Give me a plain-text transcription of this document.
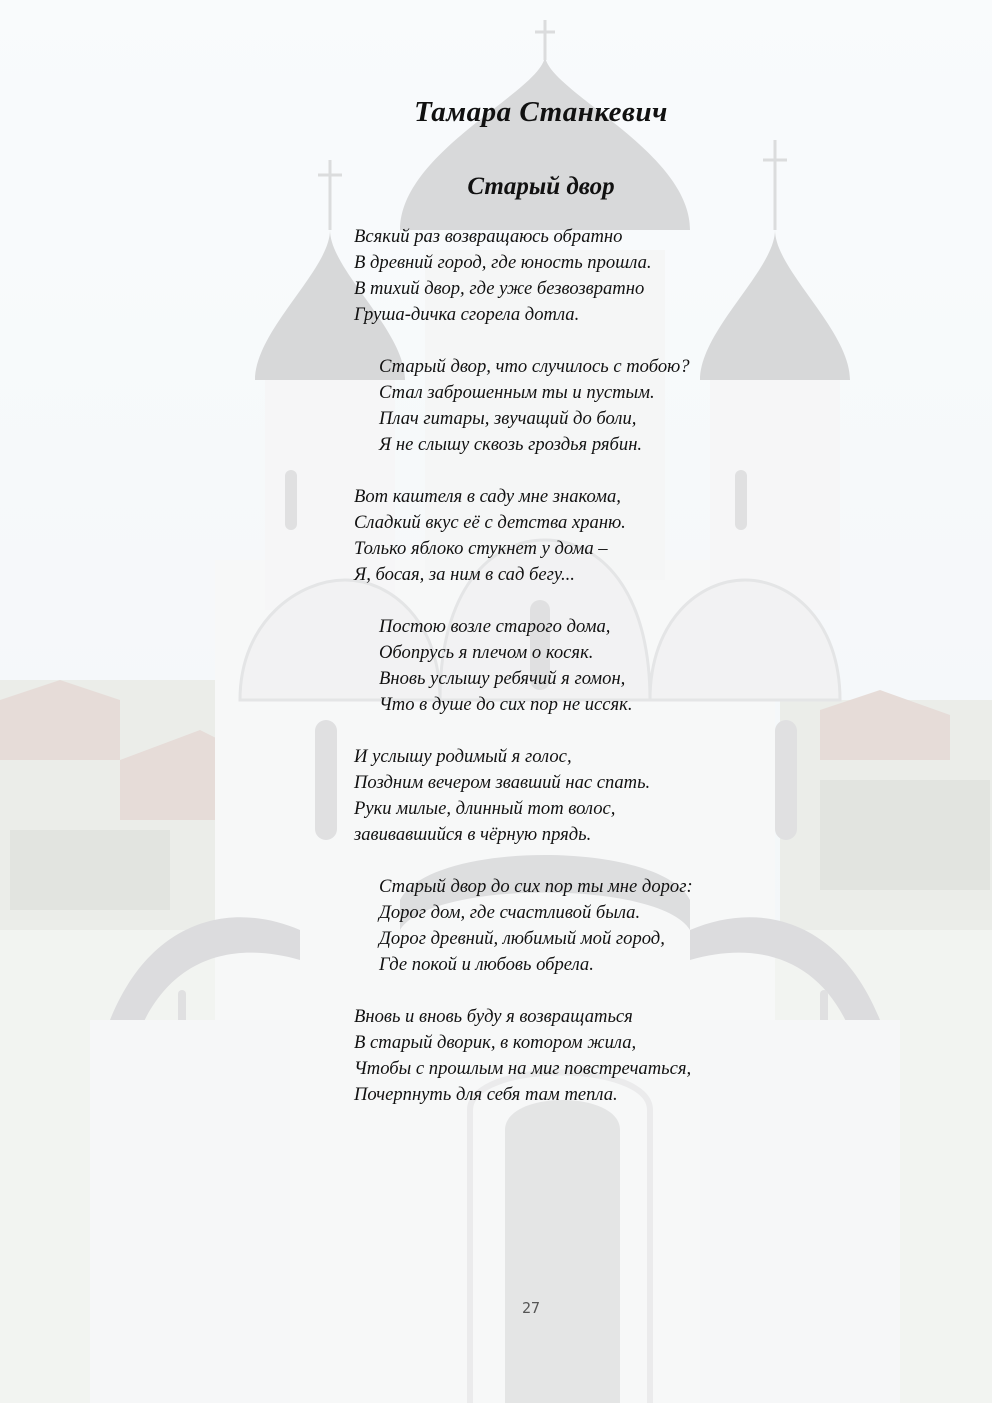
Тамара Станкевич
Старый двор
Всякий раз возвращаюсь обратно
В древний город, где юность прошла.
В тихий двор, где уже безвозвратно
Груша-дичка сгорела дотла.
Старый двор, что случилось с тобою?
Стал заброшенным ты и пустым.
Плач гитары, звучащий до боли,
Я не слышу сквозь гроздья рябин.
Вот каштеля в саду мне знакома,
Сладкий вкус её с детства храню.
Только яблоко стукнет у дома –
Я, босая, за ним в сад бегу...
Постою возле старого дома,
Обопрусь я плечом о косяк.
Вновь услышу ребячий я гомон,
Что в душе до сих пор не иссяк.
И услышу родимый я голос,
Поздним вечером звавший нас спать.
Руки милые, длинный тот волос,
завивавшийся в чёрную прядь.
Старый двор до сих пор ты мне дорог:
Дорог дом, где счастливой была.
Дорог древний, любимый мой город,
Где покой и любовь обрела.
Вновь и вновь буду я возвращаться
В старый дворик, в котором жила,
Чтобы с прошлым на миг повстречаться,
Почерпнуть для себя там тепла.
27
